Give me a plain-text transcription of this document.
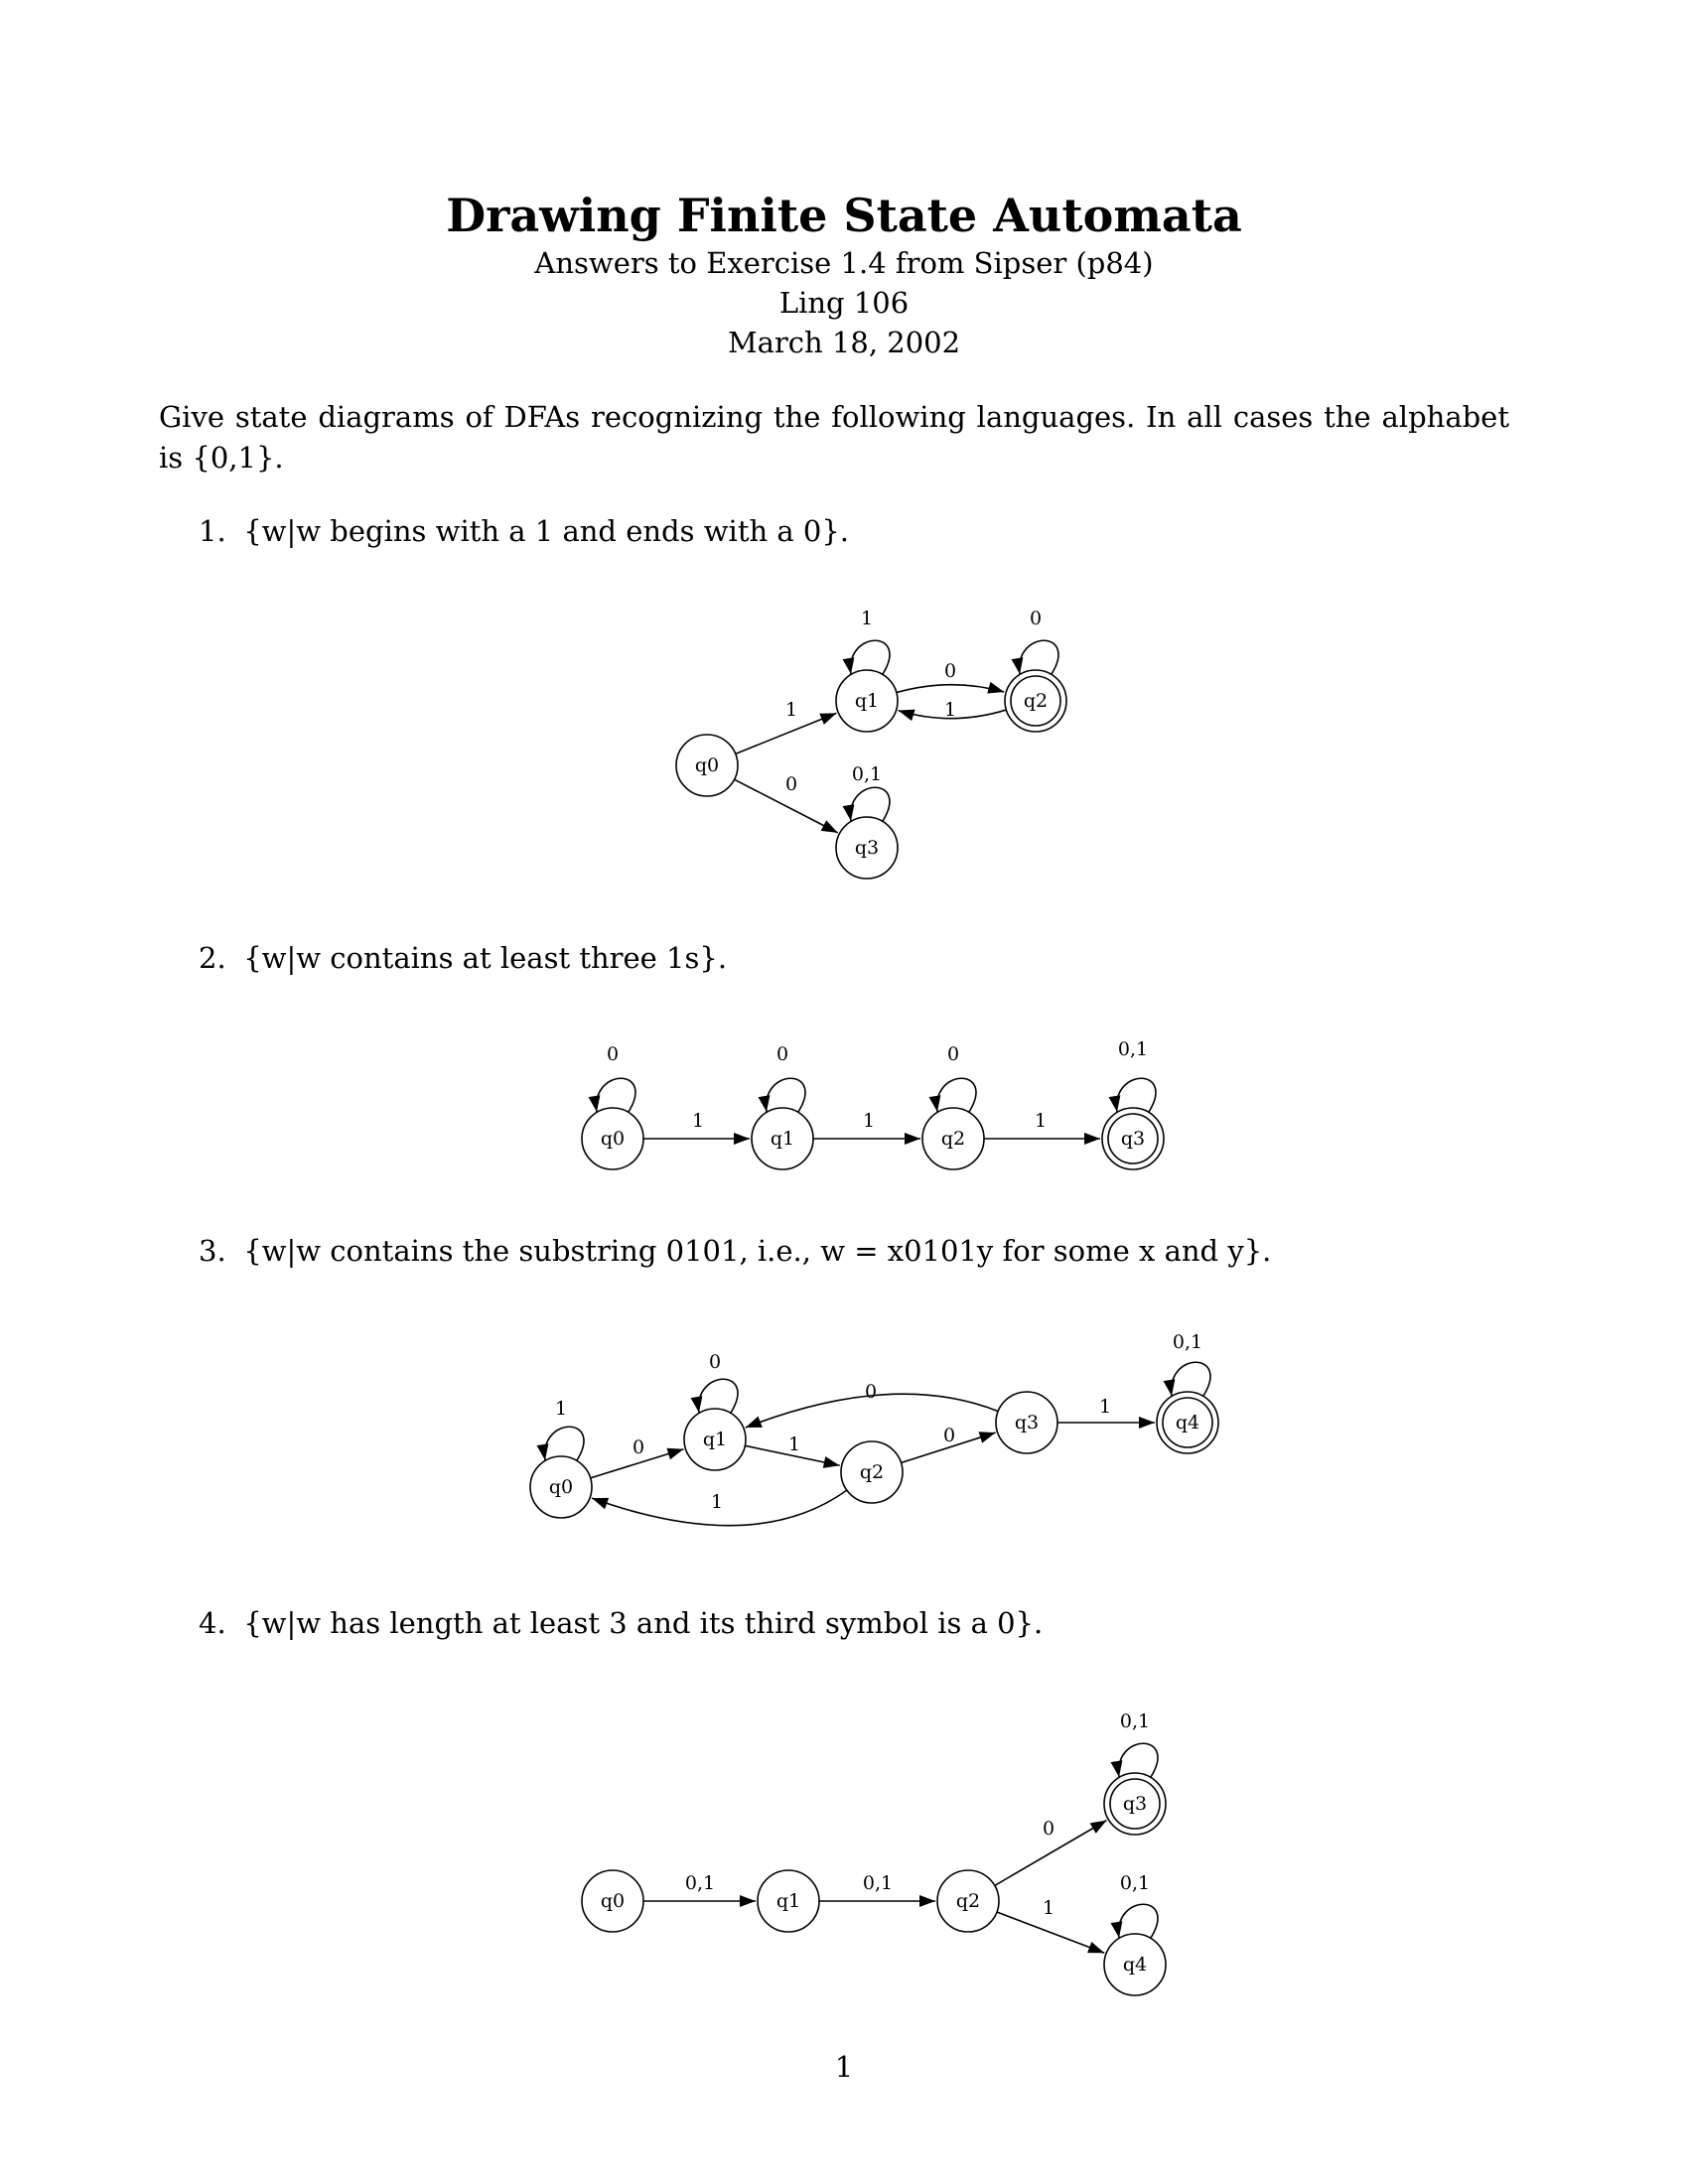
Drawing Finite State Automata
Answers to Exercise 1.4 from Sipser (p84)
Ling 106
March 18, 2002
Give state diagrams of DFAs recognizing the following languages. In all cases the alphabet is {0,1}.
1. {w|w begins with a 1 and ends with a 0}.
2. {w|w contains at least three 1s}.
3. {w|w contains the substring 0101, i.e., w = x0101y for some x and y}.
4. {w|w has length at least 3 and its third symbol is a 0}.
1
0
1
0
1
0
0,1
q0
q1	q2
q3
0
1
0
1
0
1
0,1
q0	q1	q2	q3
1
0
0
1
1
0
0
1
0,1
q0
q1
q2
q3	q4
0,1	0,1
0
1
0,1
0,1
q0	q1	q2
q3
q4
1
